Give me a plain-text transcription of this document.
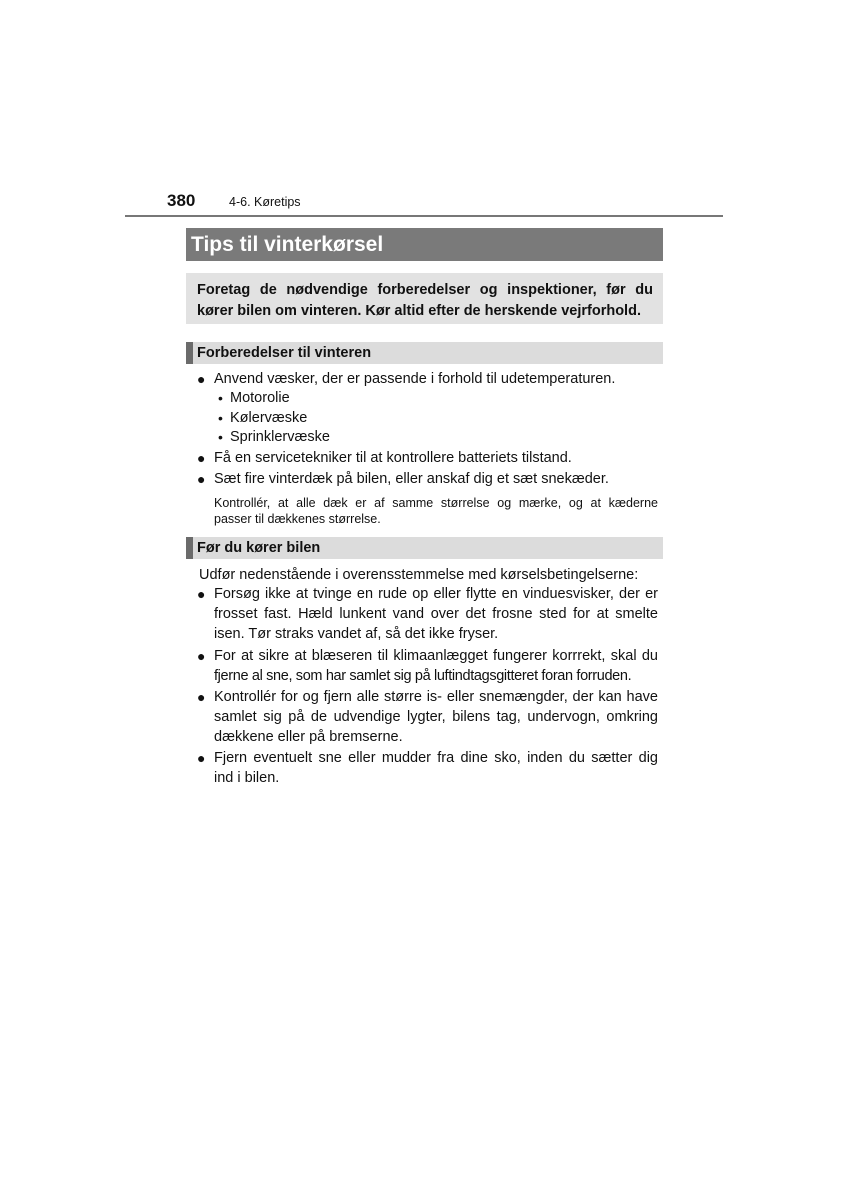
380	4-6. Køretips
Tips til vinterkørsel
Foretag de nødvendige forberedelser og inspektioner, før du
kører bilen om vinteren. Kør altid efter de herskende vejrforhold.
Forberedelser til vinteren
● Anvend væsker, der er passende i forhold til udetemperaturen.
• Motorolie
• Kølervæske
• Sprinklervæske
● Få en servicetekniker til at kontrollere batteriets tilstand.
● Sæt fire vinterdæk på bilen, eller anskaf dig et sæt snekæder.
Kontrollér, at alle dæk er af samme størrelse og mærke, og at kæderne
passer til dækkenes størrelse.
Før du kører bilen
Udfør nedenstående i overensstemmelse med kørselsbetingelserne:
● Forsøg ikke at tvinge en rude op eller flytte en vinduesvisker, der er
frosset fast. Hæld lunkent vand over det frosne sted for at smelte
isen. Tør straks vandet af, så det ikke fryser.
● For at sikre at blæseren til klimaanlægget fungerer korrrekt, skal du
fjerne al sne, som har samlet sig på luftindtagsgitteret foran forruden.
● Kontrollér for og fjern alle større is- eller snemængder, der kan have
samlet sig på de udvendige lygter, bilens tag, undervogn, omkring
dækkene eller på bremserne.
● Fjern eventuelt sne eller mudder fra dine sko, inden du sætter dig
ind i bilen.
